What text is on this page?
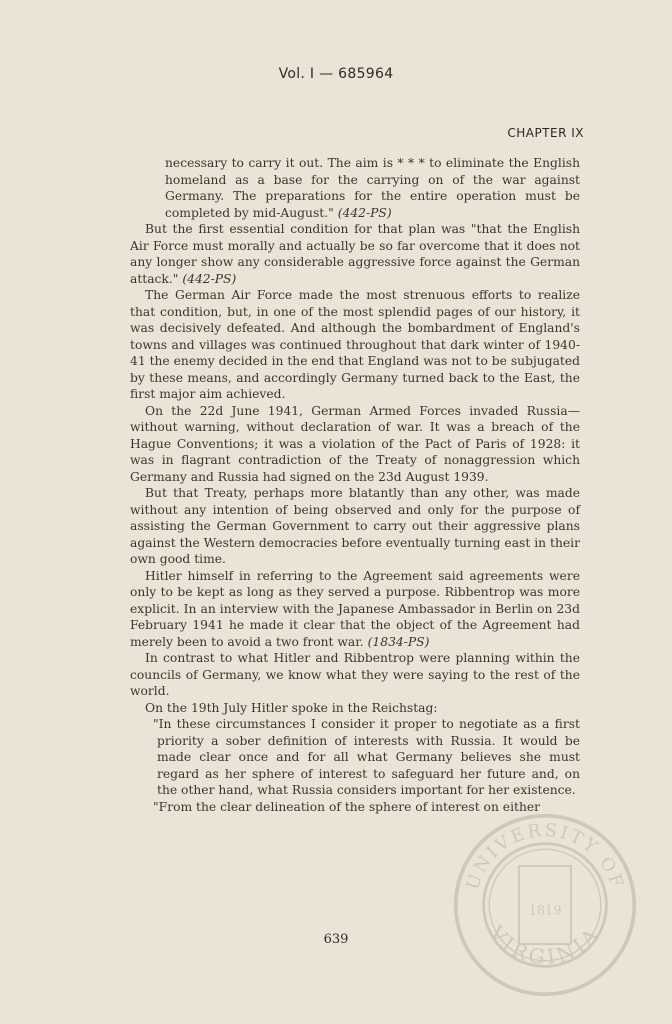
Vol. I — 685964
CHAPTER IX

necessary to carry it out. The aim is * * * to eliminate the English homeland as a base for the carrying on of the war against Germany. The preparations for the entire operation must be completed by mid-August." (442-PS)

But the first essential condition for that plan was "that the English Air Force must morally and actually be so far overcome that it does not any longer show any considerable aggressive force against the German attack." (442-PS)

The German Air Force made the most strenuous efforts to realize that condition, but, in one of the most splendid pages of our history, it was decisively defeated. And although the bombardment of England's towns and villages was continued throughout that dark winter of 1940-41 the enemy decided in the end that England was not to be subjugated by these means, and accordingly Germany turned back to the East, the first major aim achieved.

On the 22d June 1941, German Armed Forces invaded Russia—without warning, without declaration of war. It was a breach of the Hague Conventions; it was a violation of the Pact of Paris of 1928: it was in flagrant contradiction of the Treaty of nonaggression which Germany and Russia had signed on the 23d August 1939.

But that Treaty, perhaps more blatantly than any other, was made without any intention of being observed and only for the purpose of assisting the German Government to carry out their aggressive plans against the Western democracies before eventually turning east in their own good time.

Hitler himself in referring to the Agreement said agreements were only to be kept as long as they served a purpose. Ribbentrop was more explicit. In an interview with the Japanese Ambassador in Berlin on 23d February 1941 he made it clear that the object of the Agreement had merely been to avoid a two front war. (1834-PS)

In contrast to what Hitler and Ribbentrop were planning within the councils of Germany, we know what they were saying to the rest of the world.

On the 19th July Hitler spoke in the Reichstag:

"In these circumstances I consider it proper to negotiate as a first priority a sober definition of interests with Russia. It would be made clear once and for all what Germany believes she must regard as her sphere of interest to safeguard her future and, on the other hand, what Russia considers important for her existence.

"From the clear delineation of the sphere of interest on either

639
UNIVERSITY OF
VIRGINIA
1819
